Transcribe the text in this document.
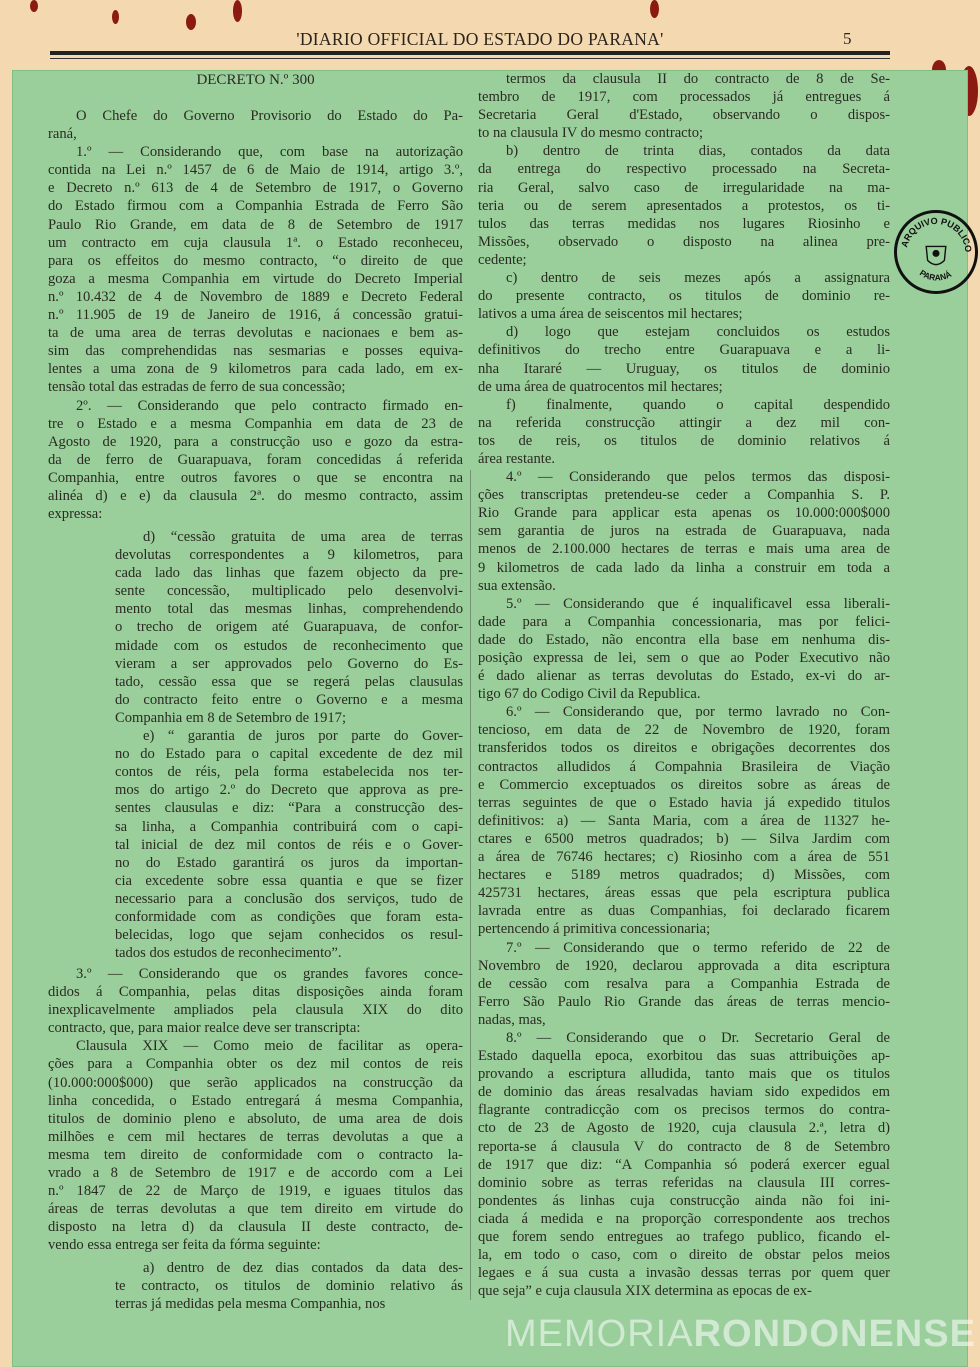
'DIARIO OFFICIAL DO ESTADO DO PARANA'	5
DECRETO N.º 300
O Chefe do Governo Provisorio do Estado do Pa-
raná,
1.º — Considerando que, com base na autorização
contida na Lei n.º 1457 de 6 de Maio de 1914, artigo 3.º,
e Decreto n.º 613 de 4 de Setembro de 1917, o Governo
do Estado firmou com a Companhia Estrada de Ferro São
Paulo Rio Grande, em data de 8 de Setembro de 1917
um contracto em cuja clausula 1ª. o Estado reconheceu,
para os effeitos do mesmo contracto, “o direito de que
goza a mesma Companhia em virtude do Decreto Imperial
n.º 10.432 de 4 de Novembro de 1889 e Decreto Federal
n.º 11.905 de 19 de Janeiro de 1916, á concessão gratui-
ta de uma area de terras devolutas e nacionaes e bem as-
sim das comprehendidas nas sesmarias e posses equiva-
lentes a uma zona de 9 kilometros para cada lado, em ex-
tensão total das estradas de ferro de sua concessão;
2º. — Considerando que pelo contracto firmado en-
tre o Estado e a mesma Companhia em data de 23 de
Agosto de 1920, para a construcção uso e gozo da estra-
da de ferro de Guarapuava, foram concedidas á referida
Companhia, entre outros favores o que se encontra na
alinéa d) e e) da clausula 2ª. do mesmo contracto, assim
expressa:
d) “cessão gratuita de uma area de terras
devolutas correspondentes a 9 kilometros, para
cada lado das linhas que fazem objecto da pre-
sente concessão, multiplicado pelo desenvolvi-
mento total das mesmas linhas, comprehendendo
o trecho de origem até Guarapuava, de confor-
midade com os estudos de reconhecimento que
vieram a ser approvados pelo Governo do Es-
tado, cessão essa que se regerá pelas clausulas
do contracto feito entre o Governo e a mesma
Companhia em 8 de Setembro de 1917;
e) “ garantia de juros por parte do Gover-
no do Estado para o capital excedente de dez mil
contos de réis, pela forma estabelecida nos ter-
mos do artigo 2.º do Decreto que approva as pre-
sentes clausulas e diz: “Para a construcção des-
sa linha, a Companhia contribuirá com o capi-
tal inicial de dez mil contos de réis e o Gover-
no do Estado garantirá os juros da importan-
cia excedente sobre essa quantia e que se fizer
necessario para a conclusão dos serviços, tudo de
conformidade com as condições que foram esta-
belecidas, logo que sejam conhecidos os resul-
tados dos estudos de reconhecimento”.
3.º — Considerando que os grandes favores conce-
didos á Companhia, pelas ditas disposições ainda foram
inexplicavelmente ampliados pela clausula XIX do dito
contracto, que, para maior realce deve ser transcripta:
Clausula XIX — Como meio de facilitar as opera-
ções para a Companhia obter os dez mil contos de reis
(10.000:000$000) que serão applicados na construcção da
linha concedida, o Estado entregará á mesma Companhia,
titulos de dominio pleno e absoluto, de uma area de dois
milhões e cem mil hectares de terras devolutas a que a
mesma tem direito de conformidade com o contracto la-
vrado a 8 de Setembro de 1917 e de accordo com a Lei
n.º 1847 de 22 de Março de 1919, e iguaes titulos das
áreas de terras devolutas a que tem direito em virtude do
disposto na letra d) da clausula II deste contracto, de-
vendo essa entrega ser feita da fórma seguinte:
a) dentro de dez dias contados da data des-
te contracto, os titulos de dominio relativo ás
terras já medidas pela mesma Companhia, nos
termos da clausula II do contracto de 8 de Se-
tembro de 1917, com processados já entregues á
Secretaria Geral d'Estado, observando o dispos-
to na clausula IV do mesmo contracto;
b) dentro de trinta dias, contados da data
da entrega do respectivo processado na Secreta-
ria Geral, salvo caso de irregularidade na ma-
teria ou de serem apresentados a protestos, os ti-
tulos das terras medidas nos lugares Riosinho e
Missões, observado o disposto na alinea pre-
cedente;
c) dentro de seis mezes após a assignatura
do presente contracto, os titulos de dominio re-
lativos a uma área de seiscentos mil hectares;
d) logo que estejam concluidos os estudos
definitivos do trecho entre Guarapuava e a li-
nha Itararé — Uruguay, os titulos de dominio
de uma área de quatrocentos mil hectares;
f) finalmente, quando o capital despendido
na referida construcção attingir a dez mil con-
tos de reis, os titulos de dominio relativos á
área restante.
4.º — Considerando que pelos termos das disposi-
ções transcriptas pretendeu-se ceder a Companhia S. P.
Rio Grande para applicar esta apenas os 10.000:000$000
sem garantia de juros na estrada de Guarapuava, nada
menos de 2.100.000 hectares de terras e mais uma area de
9 kilometros de cada lado da linha a construir em toda a
sua extensão.
5.º — Considerando que é inqualificavel essa liberali-
dade para a Companhia concessionaria, mas por felici-
dade do Estado, não encontra ella base em nenhuma dis-
posição expressa de lei, sem o que ao Poder Executivo não
é dado alienar as terras devolutas do Estado, ex-vi do ar-
tigo 67 do Codigo Civil da Republica.
6.º — Considerando que, por termo lavrado no Con-
tencioso, em data de 22 de Novembro de 1920, foram
transferidos todos os direitos e obrigações decorrentes dos
contractos alludidos á Compahnia Brasileira de Viação
e Commercio exceptuados os direitos sobre as áreas de
terras seguintes de que o Estado havia já expedido titulos
definitivos: a) — Santa Maria, com a área de 11327 he-
ctares e 6500 metros quadrados; b) — Silva Jardim com
a área de 76746 hectares; c) Riosinho com a área de 551
hectares e 5189 metros quadrados; d) Missões, com
425731 hectares, áreas essas que pela escriptura publica
lavrada entre as duas Companhias, foi declarado ficarem
pertencendo á primitiva concessionaria;
7.º — Considerando que o termo referido de 22 de
Novembro de 1920, declarou approvada a dita escriptura
de cessão com resalva para a Companhia Estrada de
Ferro São Paulo Rio Grande das áreas de terras mencio-
nadas, mas,
8.º — Considerando que o Dr. Secretario Geral de
Estado daquella epoca, exorbitou das suas attribuições ap-
provando a escriptura alludida, tanto mais que os titulos
de dominio das áreas resalvadas haviam sido expedidos em
flagrante contradicção com os precisos termos do contra-
cto de 23 de Agosto de 1920, cuja clausula 2.ª, letra d)
reporta-se á clausula V do contracto de 8 de Setembro
de 1917 que diz: “A Companhia só poderá exercer egual
dominio sobre as terras referidas na clausula III corres-
pondentes ás linhas cuja construcção ainda não foi ini-
ciada á medida e na proporção correspondente aos trechos
que forem sendo entregues ao trafego publico, ficando el-
la, em todo o caso, com o direito de obstar pelos meios
legaes e á sua custa a invasão dessas terras por quem quer
que seja” e cuja clausula XIX determina as epocas de ex-
ARQUIVO PUBLICO
PARANÁ
MEMORIARONDONENSE
